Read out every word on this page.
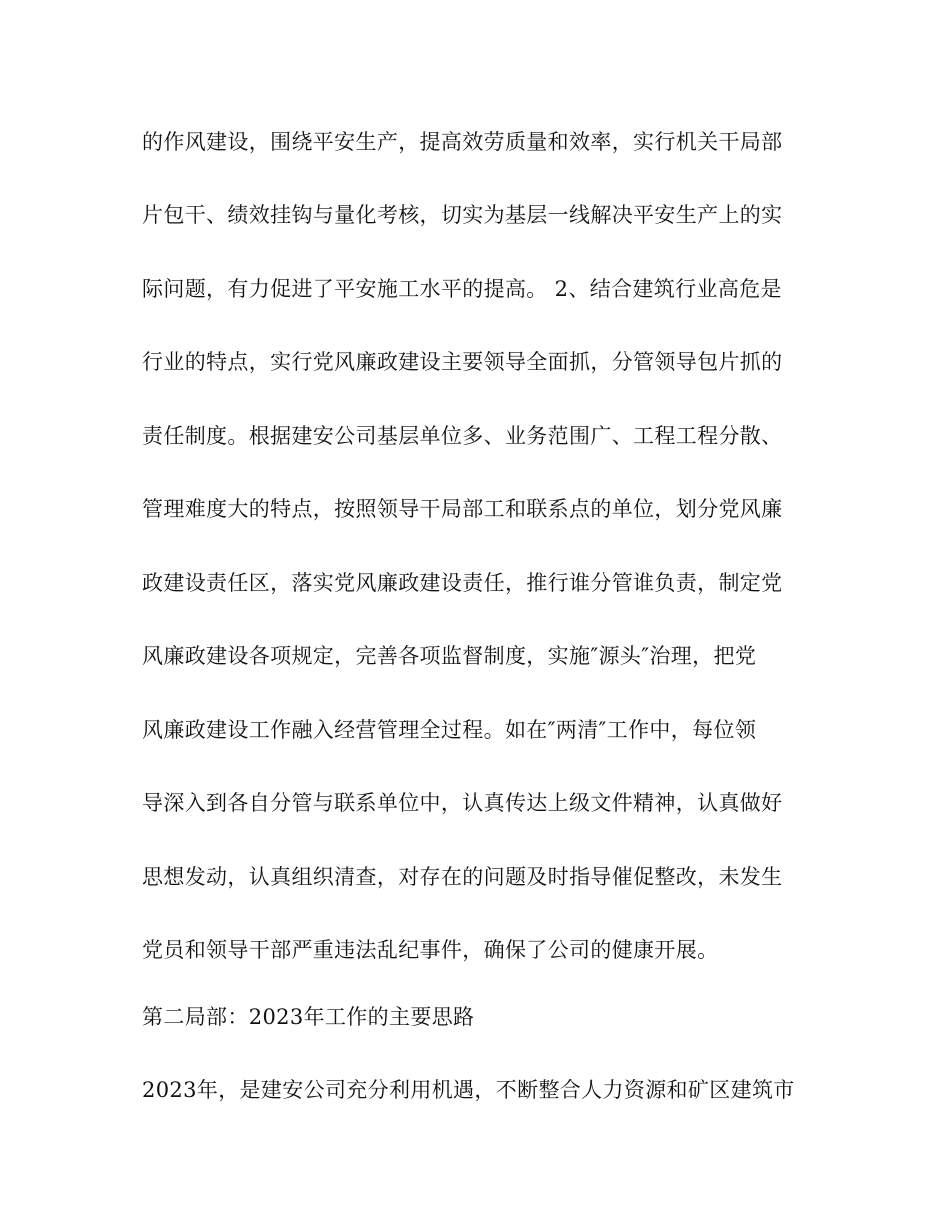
的作风建设，围绕平安生产，提高效劳质量和效率，实行机关干局部
片包干、绩效挂钩与量化考核，切实为基层一线解决平安生产上的实
际问题，有力促进了平安施工水平的提高。 2、结合建筑行业高危是
行业的特点，实行党风廉政建设主要领导全面抓，分管领导包片抓的
责任制度。根据建安公司基层单位多、业务范围广、工程工程分散、
管理难度大的特点，按照领导干局部工和联系点的单位，划分党风廉
政建设责任区，落实党风廉政建设责任，推行谁分管谁负责，制定党
风廉政建设各项规定，完善各项监督制度，实施″源头″治理，把党
风廉政建设工作融入经营管理全过程。如在″两清″工作中，每位领
导深入到各自分管与联系单位中，认真传达上级文件精神，认真做好
思想发动，认真组织清查，对存在的问题及时指导催促整改，未发生
党员和领导干部严重违法乱纪事件，确保了公司的健康开展。
第二局部：2023年工作的主要思路
2023年，是建安公司充分利用机遇，不断整合人力资源和矿区建筑市
